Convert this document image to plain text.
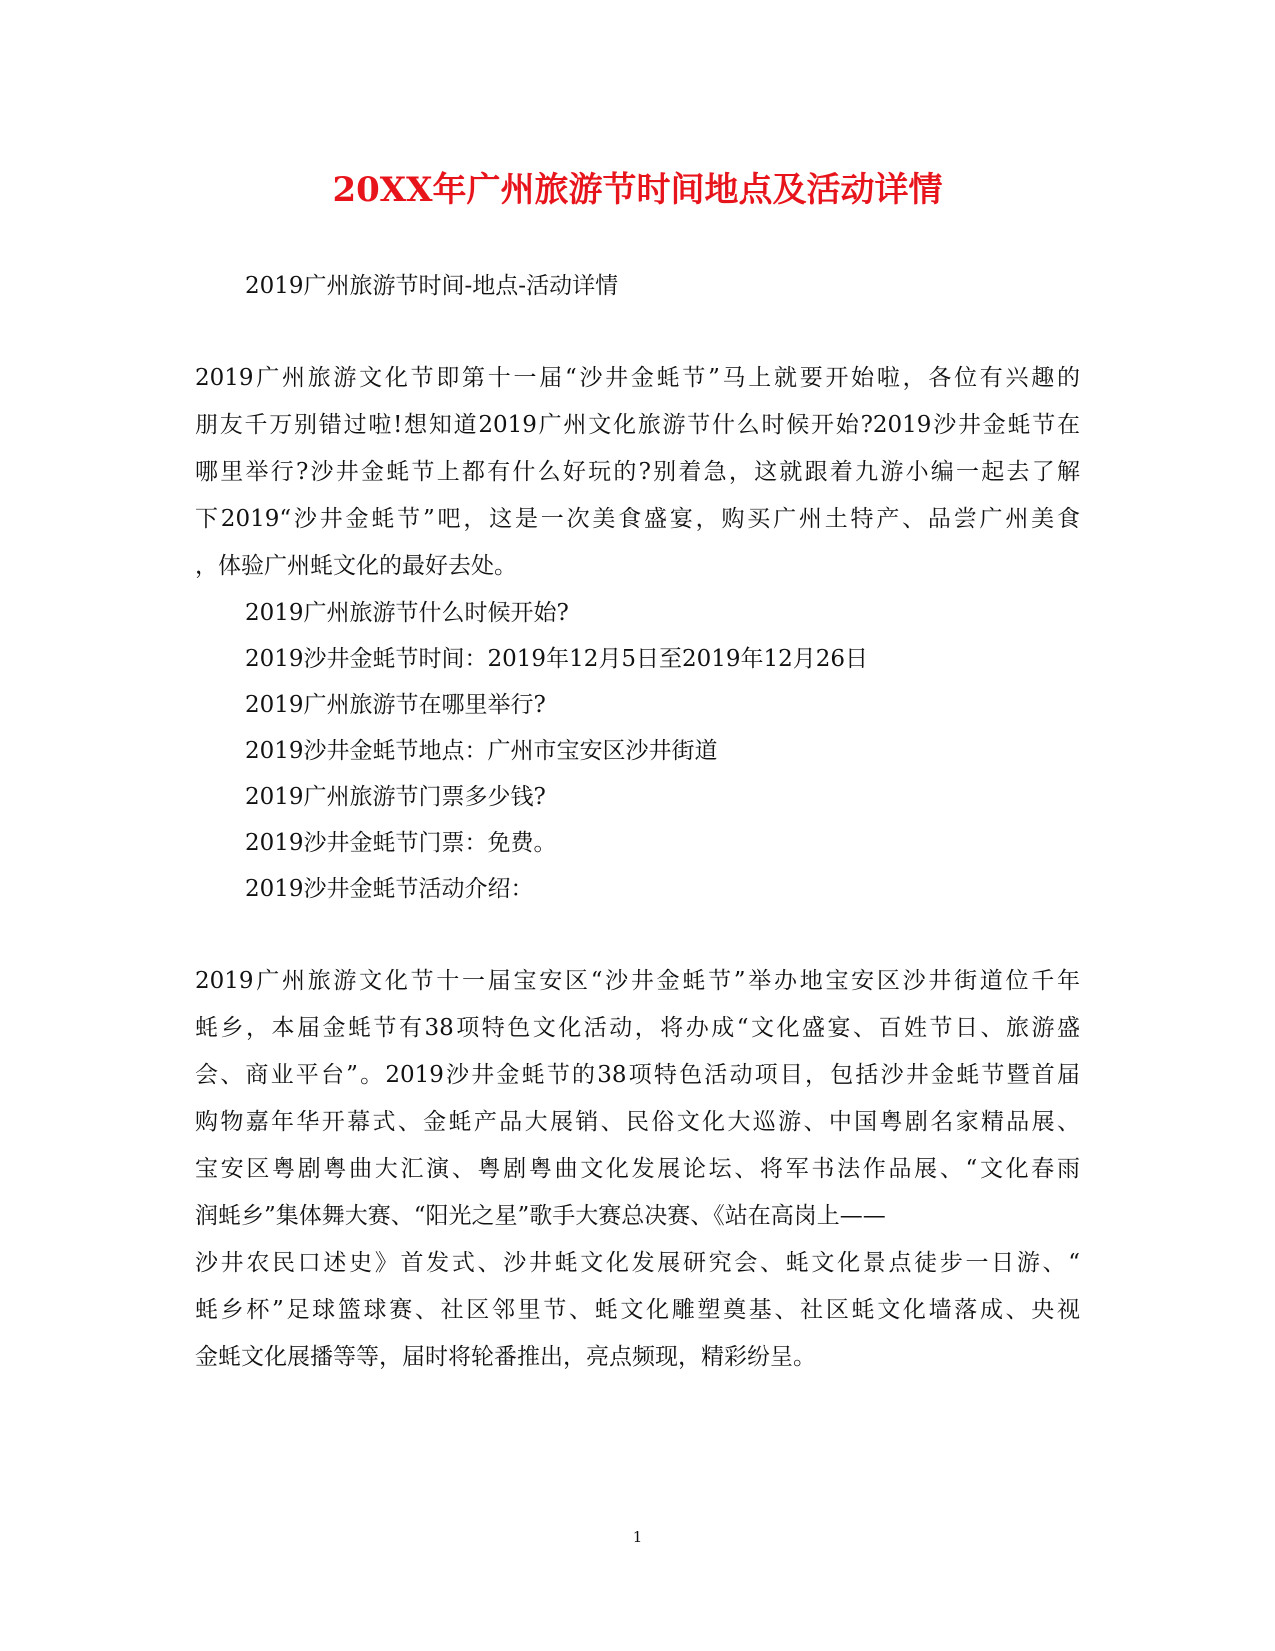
20XX年广州旅游节时间地点及活动详情

2019广州旅游节时间-地点-活动详情

2019广州旅游文化节即第十一届“沙井金蚝节”马上就要开始啦，各位有兴趣的

朋友千万别错过啦!想知道2019广州文化旅游节什么时候开始?2019沙井金蚝节在

哪里举行?沙井金蚝节上都有什么好玩的?别着急，这就跟着九游小编一起去了解

下2019“沙井金蚝节”吧，这是一次美食盛宴，购买广州土特产、品尝广州美食

，体验广州蚝文化的最好去处。

2019广州旅游节什么时候开始?

2019沙井金蚝节时间：2019年12月5日至2019年12月26日

2019广州旅游节在哪里举行?

2019沙井金蚝节地点：广州市宝安区沙井街道

2019广州旅游节门票多少钱?

2019沙井金蚝节门票：免费。

2019沙井金蚝节活动介绍：

2019广州旅游文化节十一届宝安区“沙井金蚝节”举办地宝安区沙井街道位千年

蚝乡，本届金蚝节有38项特色文化活动，将办成“文化盛宴、百姓节日、旅游盛

会、商业平台”。2019沙井金蚝节的38项特色活动项目，包括沙井金蚝节暨首届

购物嘉年华开幕式、金蚝产品大展销、民俗文化大巡游、中国粤剧名家精品展、

宝安区粤剧粤曲大汇演、粤剧粤曲文化发展论坛、将军书法作品展、“文化春雨

润蚝乡”集体舞大赛、“阳光之星”歌手大赛总决赛、《站在高岗上——

沙井农民口述史》首发式、沙井蚝文化发展研究会、蚝文化景点徒步一日游、“

蚝乡杯”足球篮球赛、社区邻里节、蚝文化雕塑奠基、社区蚝文化墙落成、央视

金蚝文化展播等等，届时将轮番推出，亮点频现，精彩纷呈。

1
